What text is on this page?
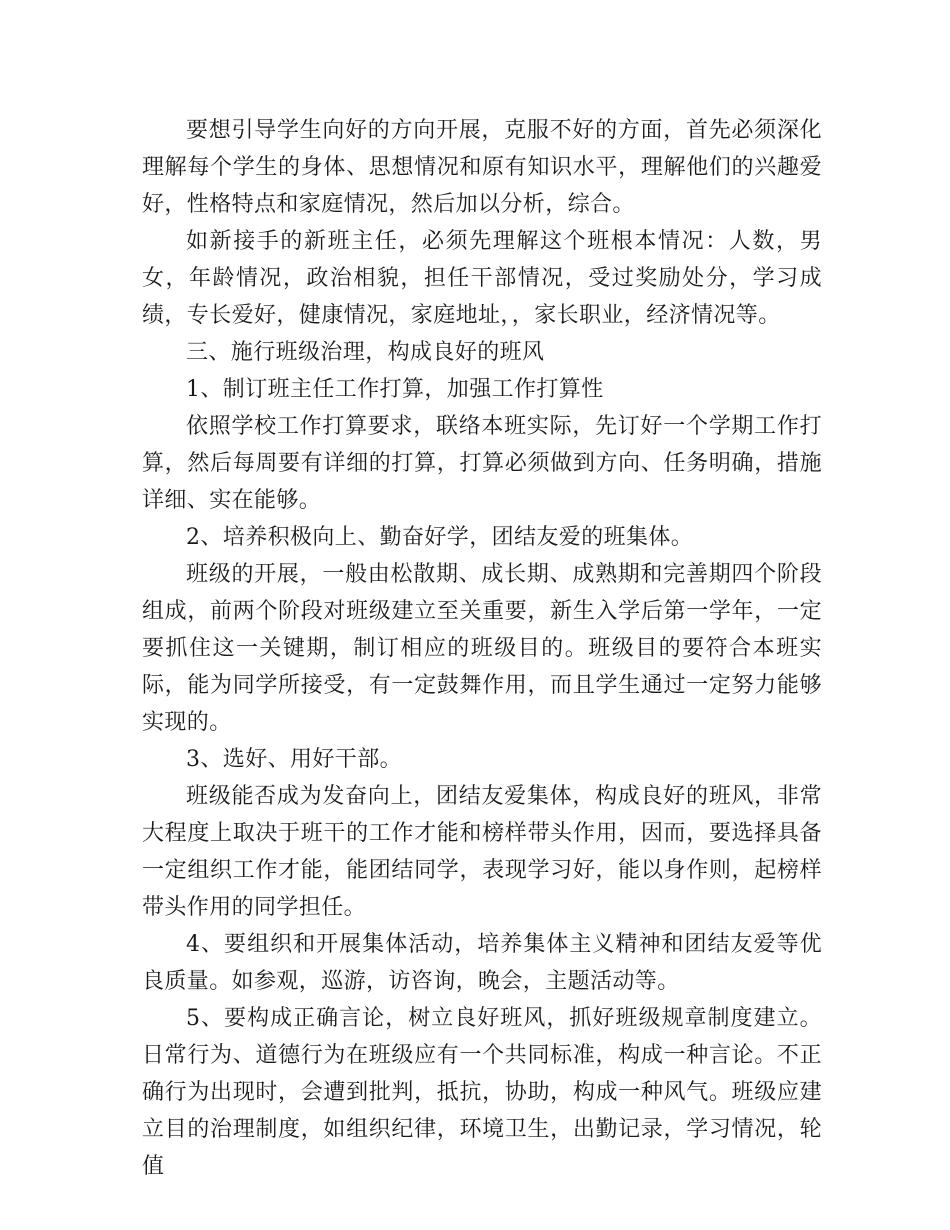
要想引导学生向好的方向开展，克服不好的方面，首先必须深化理解每个学生的身体、思想情况和原有知识水平，理解他们的兴趣爱好，性格特点和家庭情况，然后加以分析，综合。

如新接手的新班主任，必须先理解这个班根本情况：人数，男女，年龄情况，政治相貌，担任干部情况，受过奖励处分，学习成绩，专长爱好，健康情况，家庭地址，，家长职业，经济情况等。

三、施行班级治理，构成良好的班风

1、制订班主任工作打算，加强工作打算性

依照学校工作打算要求，联络本班实际，先订好一个学期工作打算，然后每周要有详细的打算，打算必须做到方向、任务明确，措施详细、实在能够。

2、培养积极向上、勤奋好学，团结友爱的班集体。

班级的开展，一般由松散期、成长期、成熟期和完善期四个阶段组成，前两个阶段对班级建立至关重要，新生入学后第一学年，一定要抓住这一关键期，制订相应的班级目的。班级目的要符合本班实际，能为同学所接受，有一定鼓舞作用，而且学生通过一定努力能够实现的。

3、选好、用好干部。

班级能否成为发奋向上，团结友爱集体，构成良好的班风，非常大程度上取决于班干的工作才能和榜样带头作用，因而，要选择具备一定组织工作才能，能团结同学，表现学习好，能以身作则，起榜样带头作用的同学担任。

4、要组织和开展集体活动，培养集体主义精神和团结友爱等优良质量。如参观，巡游，访咨询，晚会，主题活动等。

5、要构成正确言论，树立良好班风，抓好班级规章制度建立。日常行为、道德行为在班级应有一个共同标准，构成一种言论。不正确行为出现时，会遭到批判，抵抗，协助，构成一种风气。班级应建立目的治理制度，如组织纪律，环境卫生，出勤记录，学习情况，轮值
